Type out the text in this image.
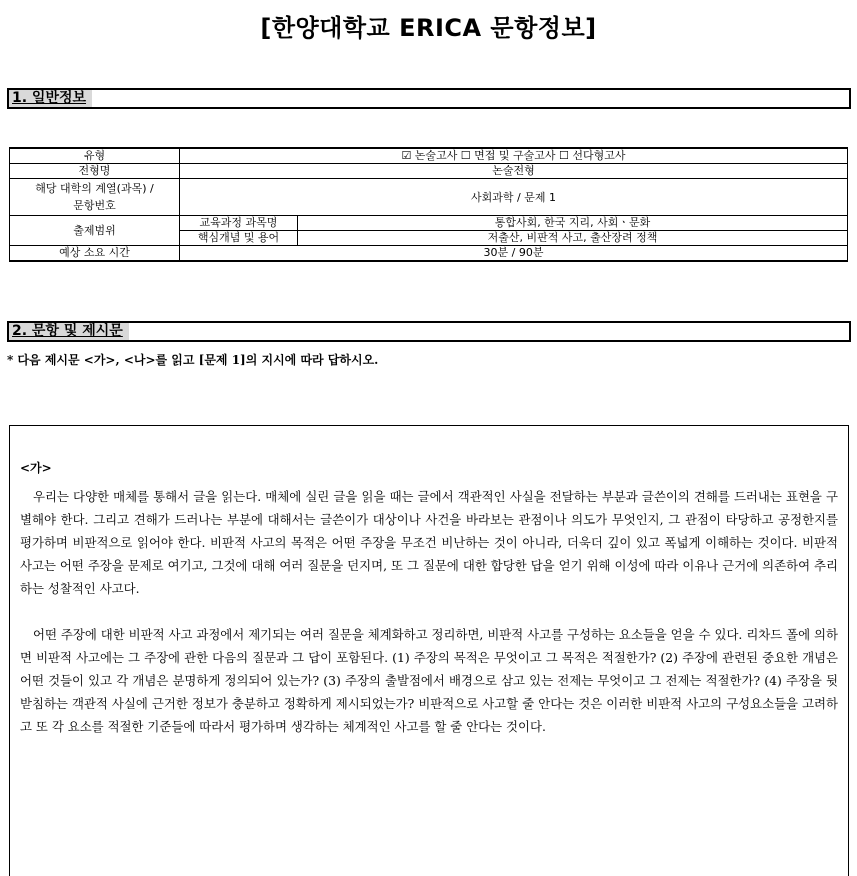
[한양대학교 ERICA 문항정보]
1. 일반정보
유형	☑ 논술고사 ☐ 면접 및 구술고사 ☐ 선다형고사	
전형명	논술전형	
해당 대학의 계열(과목) /
문항번호	사회과학 / 문제 1	
출제범위	교육과정 과목명	통합사회, 한국 지리, 사회ㆍ문화
	핵심개념 및 용어	저출산, 비판적 사고, 출산장려 정책
예상 소요 시간	30분 / 90분	
2. 문항 및 제시문
* 다음 제시문 <가>, <나>를 읽고 [문제 1]의 지시에 따라 답하시오.
<가>
우리는 다양한 매체를 통해서 글을 읽는다. 매체에 실린 글을 읽을 때는 글에서 객관적인 사실을 전달하는 부분과 글쓴이의 견해를 드러내는 표현을 구별해야 한다. 그리고 견해가 드러나는 부분에 대해서는 글쓴이가 대상이나 사건을 바라보는 관점이나 의도가 무엇인지, 그 관점이 타당하고 공정한지를 평가하며 비판적으로 읽어야 한다. 비판적 사고의 목적은 어떤 주장을 무조건 비난하는 것이 아니라, 더욱더 깊이 있고 폭넓게 이해하는 것이다. 비판적 사고는 어떤 주장을 문제로 여기고, 그것에 대해 여러 질문을 던지며, 또 그 질문에 대한 합당한 답을 얻기 위해 이성에 따라 이유나 근거에 의존하여 추리하는 성찰적인 사고다.
어떤 주장에 대한 비판적 사고 과정에서 제기되는 여러 질문을 체계화하고 정리하면, 비판적 사고를 구성하는 요소들을 얻을 수 있다. 리차드 폴에 의하면 비판적 사고에는 그 주장에 관한 다음의 질문과 그 답이 포함된다. (1) 주장의 목적은 무엇이고 그 목적은 적절한가? (2) 주장에 관련된 중요한 개념은 어떤 것들이 있고 각 개념은 분명하게 정의되어 있는가? (3) 주장의 출발점에서 배경으로 삼고 있는 전제는 무엇이고 그 전제는 적절한가? (4) 주장을 뒷받침하는 객관적 사실에 근거한 정보가 충분하고 정확하게 제시되었는가? 비판적으로 사고할 줄 안다는 것은 이러한 비판적 사고의 구성요소들을 고려하고 또 각 요소를 적절한 기준들에 따라서 평가하며 생각하는 체계적인 사고를 할 줄 안다는 것이다.
